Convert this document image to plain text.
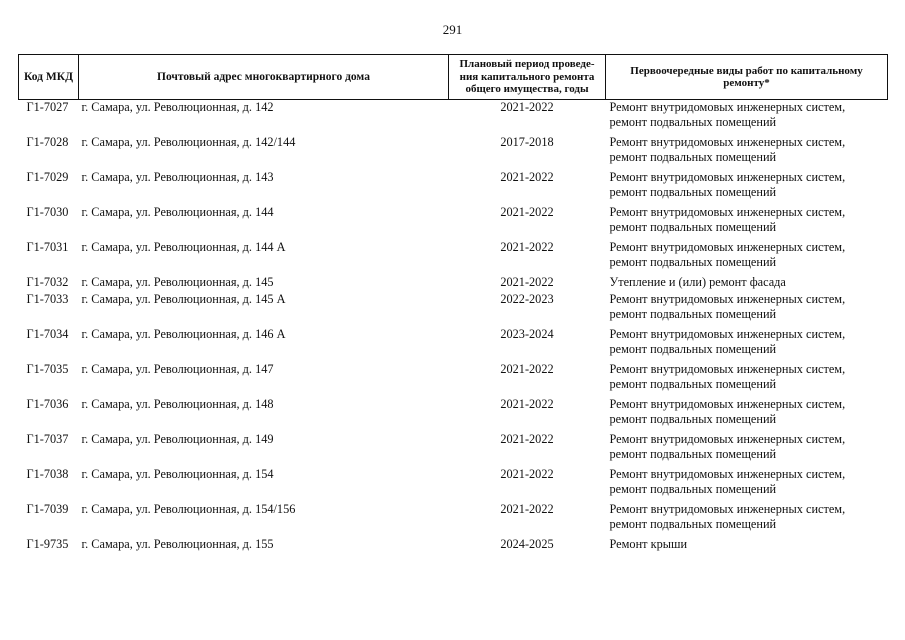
291
Код МКД	Почтовый адрес многоквартирного дома	Плановый период проведе-
ния капитального ремонта
общего имущества, годы	Первоочередные виды работ по капитальному
ремонту*

Г1-7027	г. Самара, ул. Революционная, д. 142	2021-2022	Ремонт внутридомовых инженерных систем,
ремонт подвальных помещений

Г1-7028	г. Самара, ул. Революционная, д. 142/144	2017-2018	Ремонт внутридомовых инженерных систем,
ремонт подвальных помещений

Г1-7029	г. Самара, ул. Революционная, д. 143	2021-2022	Ремонт внутридомовых инженерных систем,
ремонт подвальных помещений

Г1-7030	г. Самара, ул. Революционная, д. 144	2021-2022	Ремонт внутридомовых инженерных систем,
ремонт подвальных помещений

Г1-7031	г. Самара, ул. Революционная, д. 144 А	2021-2022	Ремонт внутридомовых инженерных систем,
ремонт подвальных помещений

Г1-7032	г. Самара, ул. Революционная, д. 145	2021-2022	Утепление и (или) ремонт фасада

Г1-7033	г. Самара, ул. Революционная, д. 145 А	2022-2023	Ремонт внутридомовых инженерных систем,
ремонт подвальных помещений

Г1-7034	г. Самара, ул. Революционная, д. 146 А	2023-2024	Ремонт внутридомовых инженерных систем,
ремонт подвальных помещений

Г1-7035	г. Самара, ул. Революционная, д. 147	2021-2022	Ремонт внутридомовых инженерных систем,
ремонт подвальных помещений

Г1-7036	г. Самара, ул. Революционная, д. 148	2021-2022	Ремонт внутридомовых инженерных систем,
ремонт подвальных помещений

Г1-7037	г. Самара, ул. Революционная, д. 149	2021-2022	Ремонт внутридомовых инженерных систем,
ремонт подвальных помещений

Г1-7038	г. Самара, ул. Революционная, д. 154	2021-2022	Ремонт внутридомовых инженерных систем,
ремонт подвальных помещений

Г1-7039	г. Самара, ул. Революционная, д. 154/156	2021-2022	Ремонт внутридомовых инженерных систем,
ремонт подвальных помещений

Г1-9735	г. Самара, ул. Революционная, д. 155	2024-2025	Ремонт крыши
